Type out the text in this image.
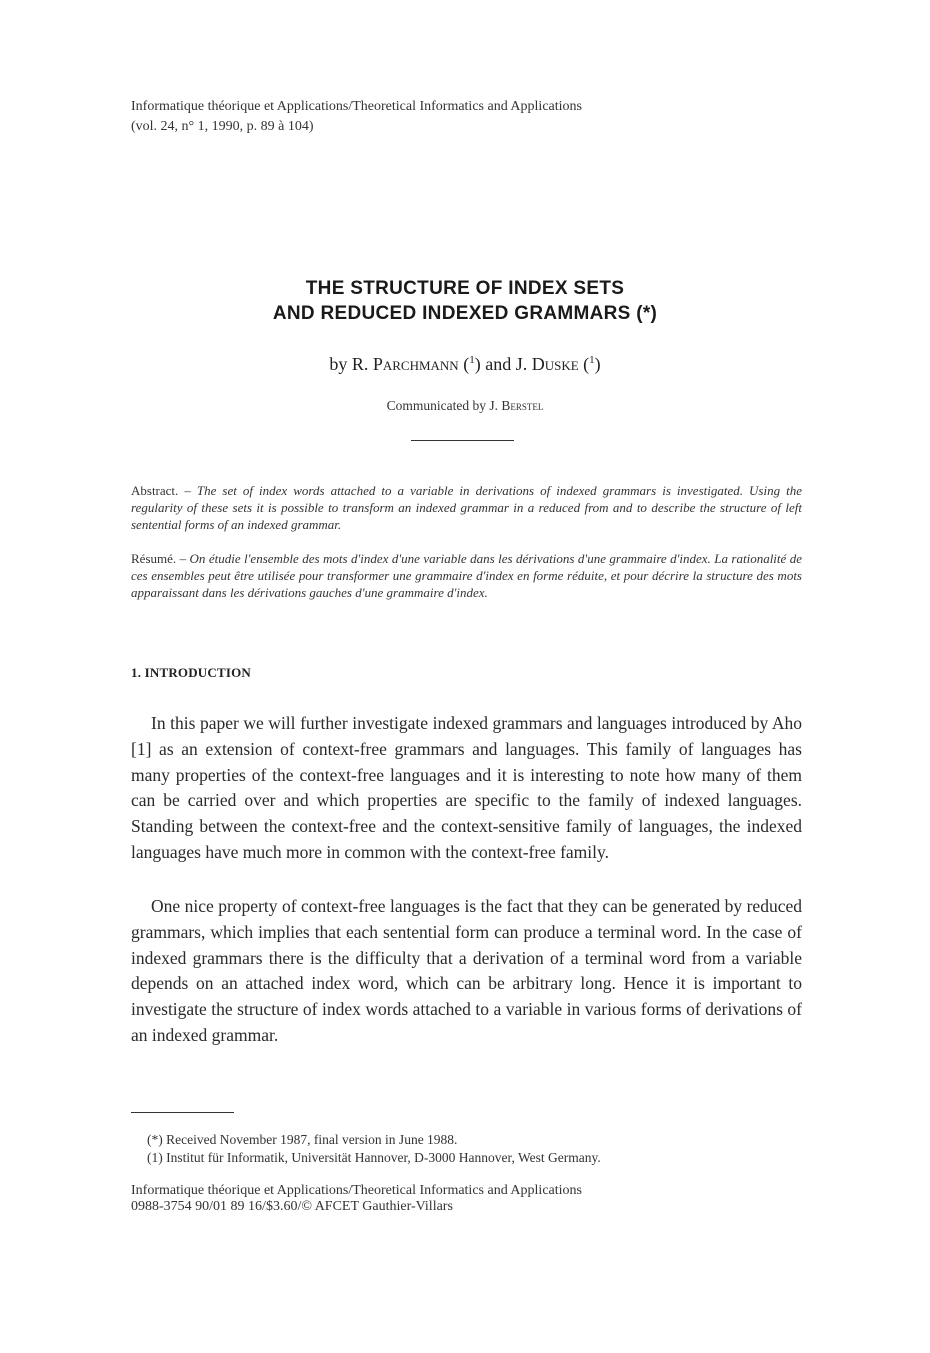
Informatique théorique et Applications/Theoretical Informatics and Applications
(vol. 24, n° 1, 1990, p. 89 à 104)
THE STRUCTURE OF INDEX SETS
AND REDUCED INDEXED GRAMMARS (*)
by R. Parchmann ($^1$) and J. Duske ($^1$)
Communicated by J. Berstel
Abstract. – The set of index words attached to a variable in derivations of indexed grammars is investigated. Using the regularity of these sets it is possible to transform an indexed grammar in a reduced from and to describe the structure of left sentential forms of an indexed grammar.
Résumé. – On étudie l'ensemble des mots d'index d'une variable dans les dérivations d'une grammaire d'index. La rationalité de ces ensembles peut être utilisée pour transformer une grammaire d'index en forme réduite, et pour décrire la structure des mots apparaissant dans les dérivations gauches d'une grammaire d'index.
1. INTRODUCTION
In this paper we will further investigate indexed grammars and languages introduced by Aho [1] as an extension of context-free grammars and languages. This family of languages has many properties of the context-free languages and it is interesting to note how many of them can be carried over and which properties are specific to the family of indexed languages. Standing between the context-free and the context-sensitive family of languages, the indexed languages have much more in common with the context-free family.
One nice property of context-free languages is the fact that they can be generated by reduced grammars, which implies that each sentential form can produce a terminal word. In the case of indexed grammars there is the difficulty that a derivation of a terminal word from a variable depends on an attached index word, which can be arbitrary long. Hence it is important to investigate the structure of index words attached to a variable in various forms of derivations of an indexed grammar.
(*) Received November 1987, final version in June 1988.
(1) Institut für Informatik, Universität Hannover, D-3000 Hannover, West Germany.
Informatique théorique et Applications/Theoretical Informatics and Applications
0988-3754 90/01 89 16/$3.60/© AFCET Gauthier-Villars
